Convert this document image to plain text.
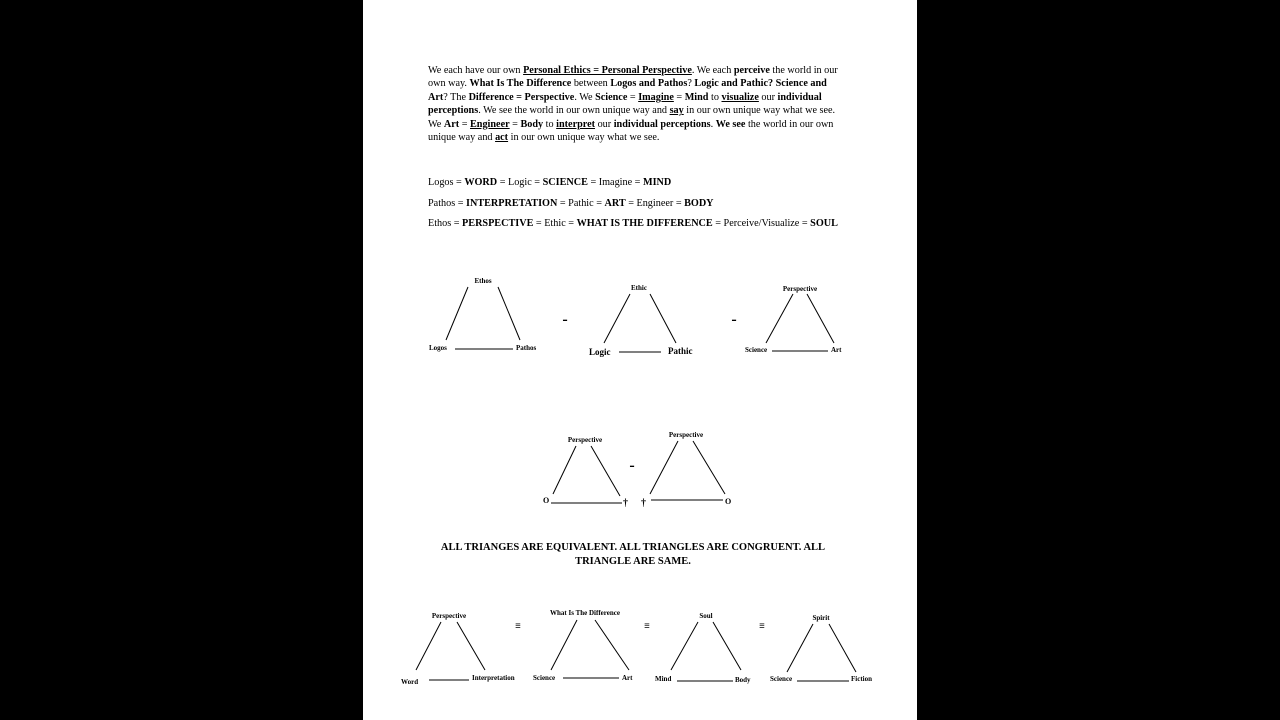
We each have our own Personal Ethics = Personal Perspective. We each perceive the world in our own way. What Is The Difference between Logos and Pathos? Logic and Pathic? Science and Art? The Difference = Perspective. We Science = Imagine = Mind to visualize our individual perceptions. We see the world in our own unique way and say in our own unique way what we see. We Art = Engineer = Body to interpret our individual perceptions. We see the world in our own unique way and act in our own unique way what we see.
Logos = WORD = Logic = SCIENCE = Imagine = MIND
Pathos = INTERPRETATION = Pathic = ART = Engineer = BODY
Ethos = PERSPECTIVE = Ethic = WHAT IS THE DIFFERENCE = Perceive/Visualize = SOUL
Ethos
Logos	Pathos
-
Ethic
Logic	Pathic
-
Perspective
Science	Art
Perspective
O	†
-
Perspective
†	O
Perspective
Word	Interpretation
≡
What Is The Difference
Science	Art
≡
Soul
Mind	Body
≡
Spirit
Science	Fiction
ALL TRIANGES ARE EQUIVALENT. ALL TRIANGLES ARE CONGRUENT. ALL TRIANGLE ARE SAME.
